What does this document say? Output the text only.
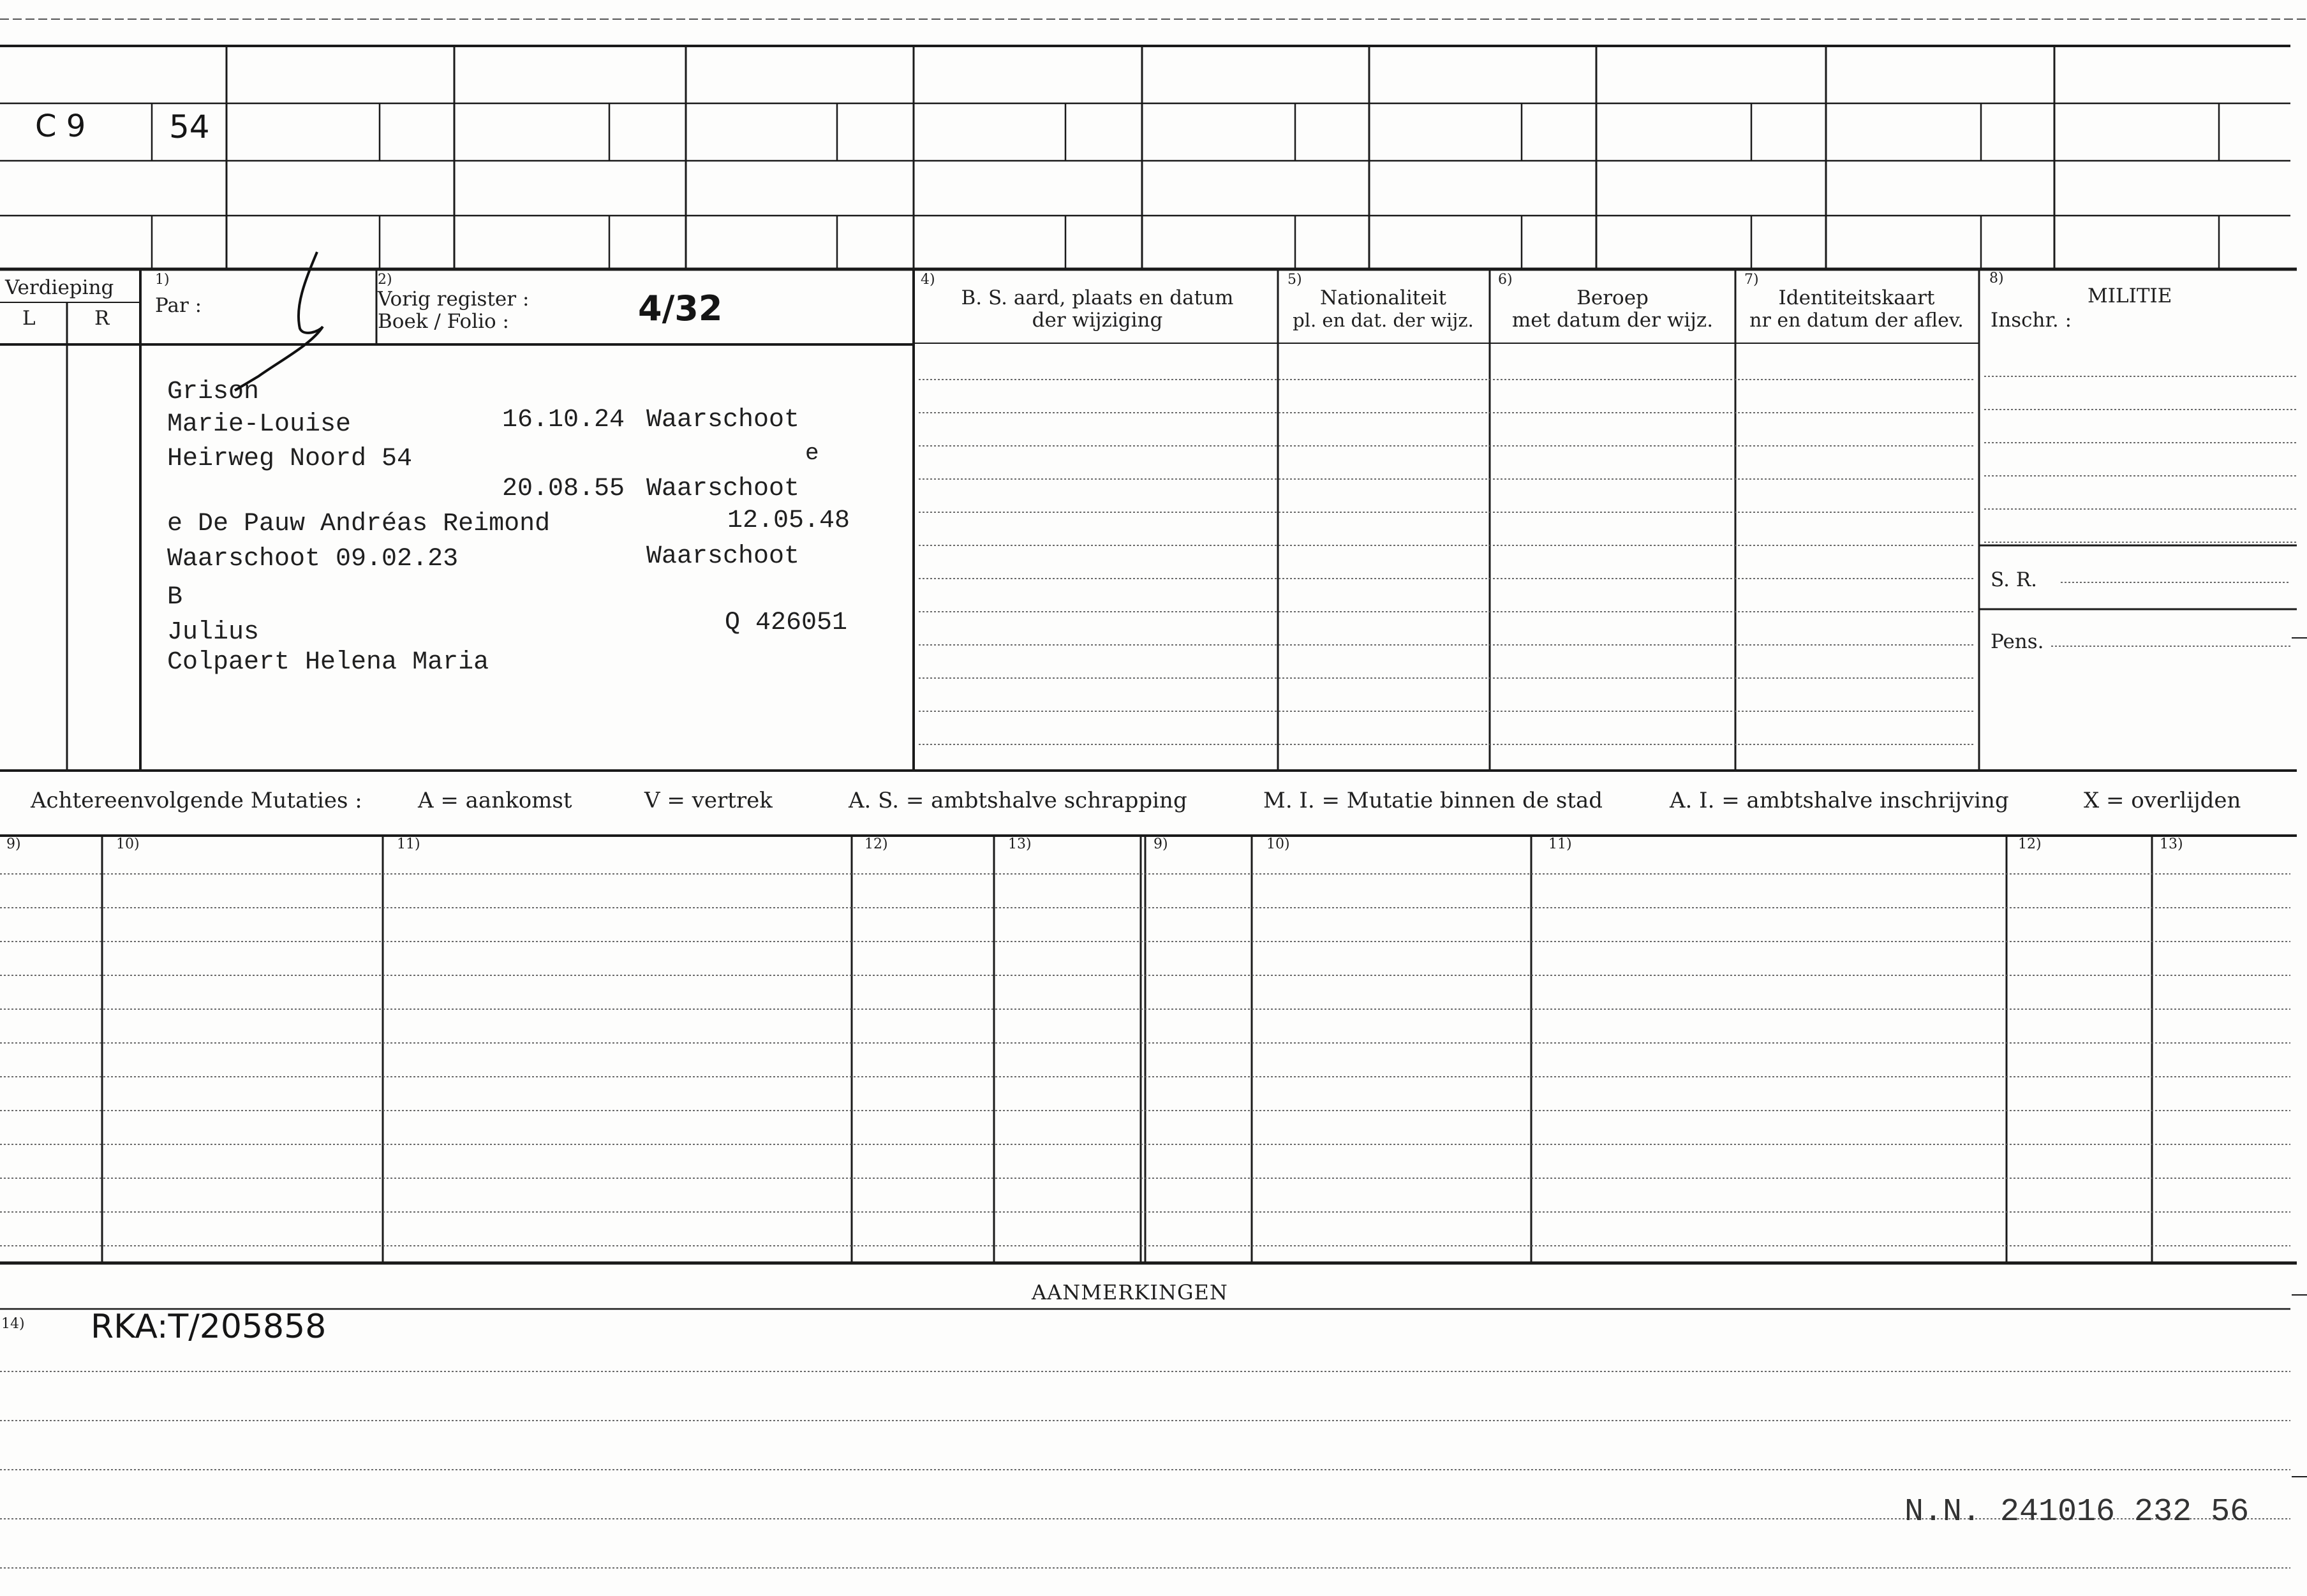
C 9	54
Verdieping
L	R
1)
Par :
2)
Vorig register :
Boek / Folio :	4/32
4)
B. S. aard, plaats en datum
der wijziging
5)
Nationaliteit
pl. en dat. der wijz.
6)
Beroep
met datum der wijz.
7)
Identiteitskaart
nr en datum der aflev.
8)
MILITIE
Inschr. :
S. R.
Pens.
Grison
Marie-Louise	16.10.24 Waarschoot
Heirweg Noord 54	e
20.08.55 Waarschoot
e De Pauw Andréas Reimond	12.05.48
Waarschoot 09.02.23	Waarschoot
B
Julius	Q 426051
Colpaert Helena Maria
Achtereenvolgende Mutaties :	A = aankomst	V = vertrek	A. S. = ambtshalve schrapping	M. I. = Mutatie binnen de stad	A. I. = ambtshalve inschrijving	X = overlijden
9)	10)	11)	12)	13)	9)	10)	11)	12)	13)
AANMERKINGEN
14) RKA:T/205858
N.N. 241016 232 56
